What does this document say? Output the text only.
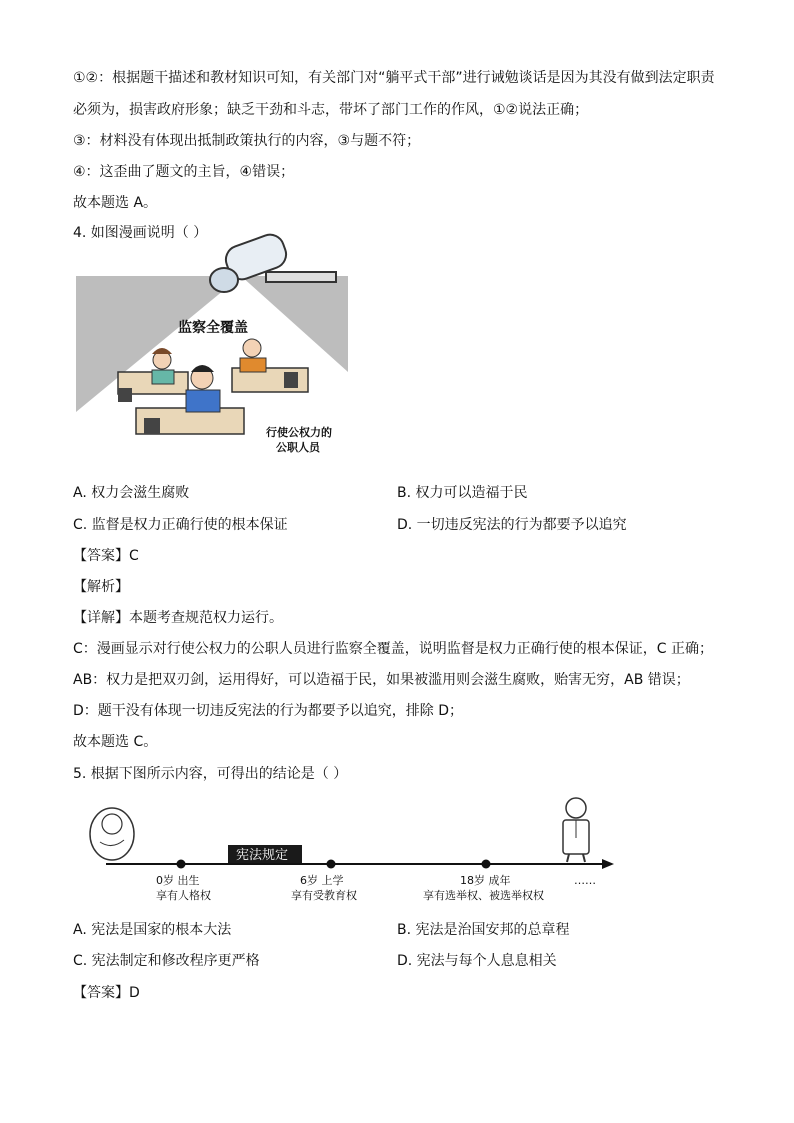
①②：根据题干描述和教材知识可知，有关部门对“躺平式干部”进行诫勉谈话是因为其没有做到法定职责
必须为，损害政府形象；缺乏干劲和斗志，带坏了部门工作的作风，①②说法正确；
③：材料没有体现出抵制政策执行的内容，③与题不符；
④：这歪曲了题文的主旨，④错误；
故本题选 A。
4. 如图漫画说明（ ）
监察全覆盖
行使公权力的
公职人员
A. 权力会滋生腐败	B. 权力可以造福于民
C. 监督是权力正确行使的根本保证	D. 一切违反宪法的行为都要予以追究
【答案】C
【解析】
【详解】本题考查规范权力运行。
C：漫画显示对行使公权力的公职人员进行监察全覆盖，说明监督是权力正确行使的根本保证，C 正确；
AB：权力是把双刃剑，运用得好，可以造福于民，如果被滥用则会滋生腐败，贻害无穷，AB 错误；
D：题干没有体现一切违反宪法的行为都要予以追究，排除 D；
故本题选 C。
5. 根据下图所示内容，可得出的结论是（ ）
宪法规定
0岁 出生
享有人格权
6岁 上学
享有受教育权
18岁 成年
享有选举权、被选举权权
……
A. 宪法是国家的根本大法	B. 宪法是治国安邦的总章程
C. 宪法制定和修改程序更严格	D. 宪法与每个人息息相关
【答案】D
